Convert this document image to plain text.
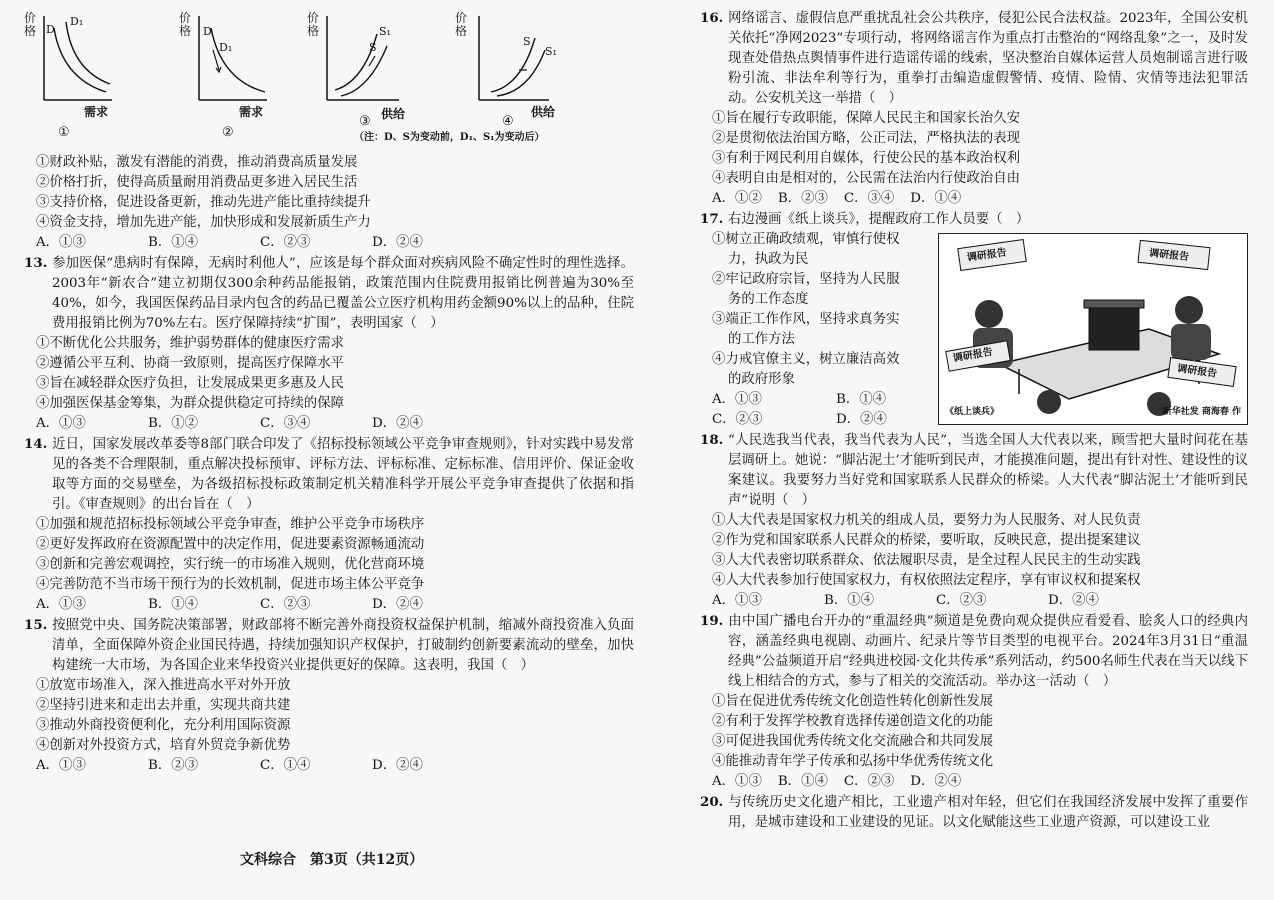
价格 D
D₁
需求
①
价格	D
D₁
需求
②
价格	S₁
S
供给
③
价格
S
S₁
供给
④
（注：D、S为变动前，D₁、S₁为变动后）

①财政补贴，激发有潜能的消费，推动消费高质量发展

②价格打折，使得高质量耐用消费品更多进入居民生活

③支持价格，促进设备更新，推动先进产能比重持续提升

④资金支持，增加先进产能，加快形成和发展新质生产力

A．①③	B．①④	C．②③	D．②④

13. 参加医保“患病时有保障，无病时利他人”，应该是每个群众面对疾病风险不确定性时的理性选择。2003年“新农合”建立初期仅300余种药品能报销，政策范围内住院费用报销比例普遍为30%至40%，如今，我国医保药品目录内包含的药品已覆盖公立医疗机构用药金额90%以上的品种，住院费用报销比例为70%左右。医疗保障持续“扩围”，表明国家（　）

①不断优化公共服务，维护弱势群体的健康医疗需求

②遵循公平互利、协商一致原则，提高医疗保障水平

③旨在减轻群众医疗负担，让发展成果更多惠及人民

④加强医保基金筹集，为群众提供稳定可持续的保障

A．①③	B．①②	C．③④	D．②④

14. 近日，国家发展改革委等8部门联合印发了《招标投标领域公平竞争审查规则》，针对实践中易发常见的各类不合理限制，重点解决投标预审、评标方法、评标标准、定标标准、信用评价、保证金收取等方面的交易壁垒，为各级招标投标政策制定机关精准科学开展公平竞争审查提供了依据和指引。《审查规则》的出台旨在（　）

①加强和规范招标投标领域公平竞争审查，维护公平竞争市场秩序

②更好发挥政府在资源配置中的决定作用，促进要素资源畅通流动

③创新和完善宏观调控，实行统一的市场准入规则，优化营商环境

④完善防范不当市场干预行为的长效机制，促进市场主体公平竞争

A．①③	B．①④	C．②③	D．②④

15. 按照党中央、国务院决策部署，财政部将不断完善外商投资权益保护机制，缩减外商投资准入负面清单，全面保障外资企业国民待遇，持续加强知识产权保护，打破制约创新要素流动的壁垒，加快构建统一大市场，为各国企业来华投资兴业提供更好的保障。这表明，我国（　）

①放宽市场准入，深入推进高水平对外开放

②坚持引进来和走出去并重，实现共商共建

③推动外商投资便利化，充分利用国际资源

④创新对外投资方式，培育外贸竞争新优势

A．①③	B．②③	C．①④	D．②④
文科综合　第3页（共12页）

16. 网络谣言、虚假信息严重扰乱社会公共秩序，侵犯公民合法权益。2023年，全国公安机关依托“净网2023”专项行动，将网络谣言作为重点打击整治的“网络乱象”之一，及时发现查处借热点舆情事件进行造谣传谣的线索，坚决整治自媒体运营人员炮制谣言进行吸粉引流、非法牟利等行为，重拳打击编造虚假警情、疫情、险情、灾情等违法犯罪活动。公安机关这一举措（　）

①旨在履行专政职能，保障人民民主和国家长治久安

②是贯彻依法治国方略，公正司法，严格执法的表现

③有利于网民利用自媒体，行使公民的基本政治权利

④表明自由是相对的，公民需在法治内行使政治自由

A．①② B．②③ C．③④ D．①④

17. 右边漫画《纸上谈兵》，提醒政府工作人员要（　）

①树立正确政绩观，审慎行使权力，执政为民

②牢记政府宗旨，坚持为人民服务的工作态度

③端正工作作风，坚持求真务实的工作方法

④力戒官僚主义，树立廉洁高效的政府形象

A．①③	B．①④
C．②③	D．②④
调研报告	调研报告
调研报告
调研报告
《纸上谈兵》	新华社发 商海春 作

18. “人民选我当代表，我当代表为人民”，当选全国人大代表以来，顾雪把大量时间花在基层调研上。她说：“脚沾泥土’才能听到民声，才能摸准问题，提出有针对性、建设性的议案建议。我要努力当好党和国家联系人民群众的桥梁。人大代表“脚沾泥土’才能听到民声”说明（　）

①人大代表是国家权力机关的组成人员，要努力为人民服务、对人民负责

②作为党和国家联系人民群众的桥梁，要听取，反映民意，提出提案建议

③人大代表密切联系群众、依法履职尽责，是全过程人民民主的生动实践

④人大代表参加行使国家权力，有权依照法定程序，享有审议权和提案权

A．①③	B．①④	C．②③	D．②④

19. 由中国广播电台开办的“重温经典”频道是免费向观众提供应看爱看、脍炙人口的经典内容，涵盖经典电视剧、动画片、纪录片等节目类型的电视平台。2024年3月31日“重温经典”公益频道开启“经典进校园·文化共传承”系列活动，约500名师生代表在当天以线下线上相结合的方式，参与了相关的交流活动。举办这一活动（　）

①旨在促进优秀传统文化创造性转化创新性发展

②有利于发挥学校教育选择传递创造文化的功能

③可促进我国优秀传统文化交流融合和共同发展

④能推动青年学子传承和弘扬中华优秀传统文化

A．①③ B．①④ C．②③ D．②④

20. 与传统历史文化遗产相比，工业遗产相对年轻，但它们在我国经济发展中发挥了重要作用，是城市建设和工业建设的见证。以文化赋能这些工业遗产资源，可以建设工业
